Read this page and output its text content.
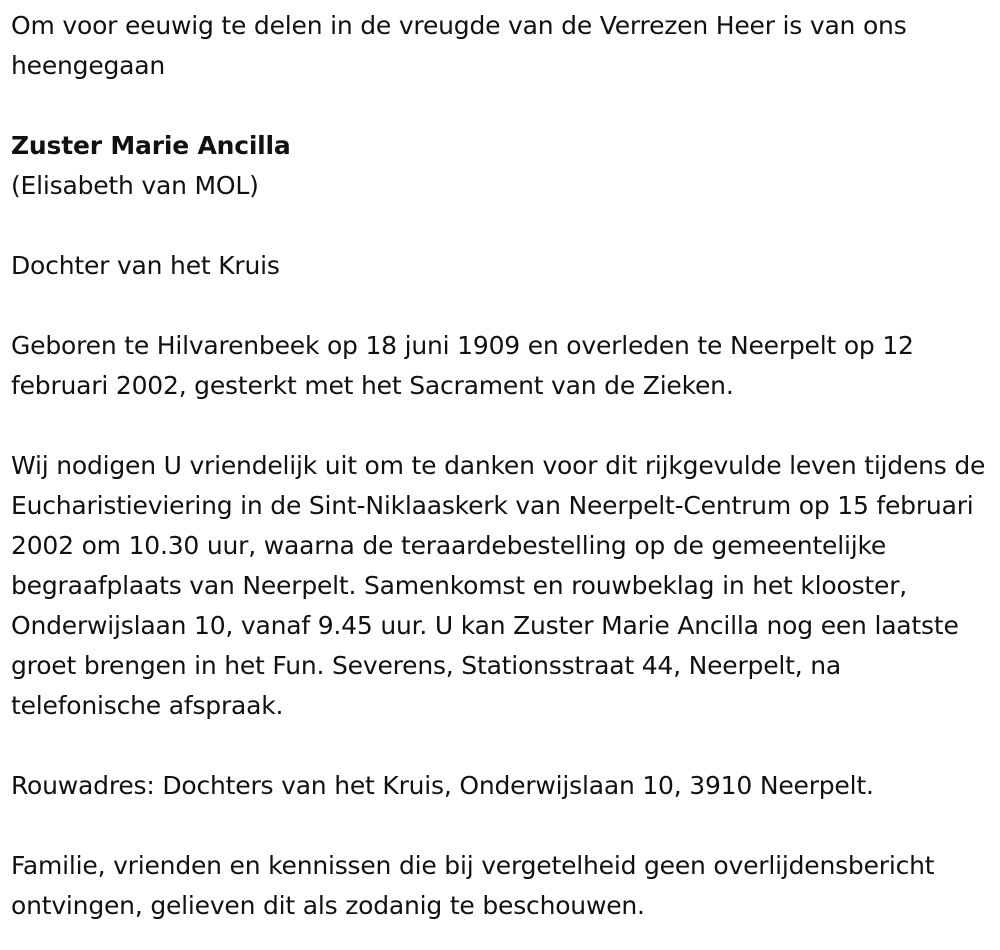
Om voor eeuwig te delen in de vreugde van de Verrezen Heer is van ons heengegaan

Zuster Marie Ancilla

(Elisabeth van MOL)

Dochter van het Kruis

Geboren te Hilvarenbeek op 18 juni 1909 en overleden te Neerpelt op 12 februari 2002, gesterkt met het Sacrament van de Zieken.

Wij nodigen U vriendelijk uit om te danken voor dit rijkgevulde leven tijdens de Eucharistieviering in de Sint-Niklaaskerk van Neerpelt-Centrum op 15 februari 2002 om 10.30 uur, waarna de teraardebestelling op de gemeentelijke begraafplaats van Neerpelt. Samenkomst en rouwbeklag in het klooster, Onderwijslaan 10, vanaf 9.45 uur. U kan Zuster Marie Ancilla nog een laatste groet brengen in het Fun. Severens, Stationsstraat 44, Neerpelt, na telefonische afspraak.

Rouwadres: Dochters van het Kruis, Onderwijslaan 10, 3910 Neerpelt.

Familie, vrienden en kennissen die bij vergetelheid geen overlijdensbericht ontvingen, gelieven dit als zodanig te beschouwen.
